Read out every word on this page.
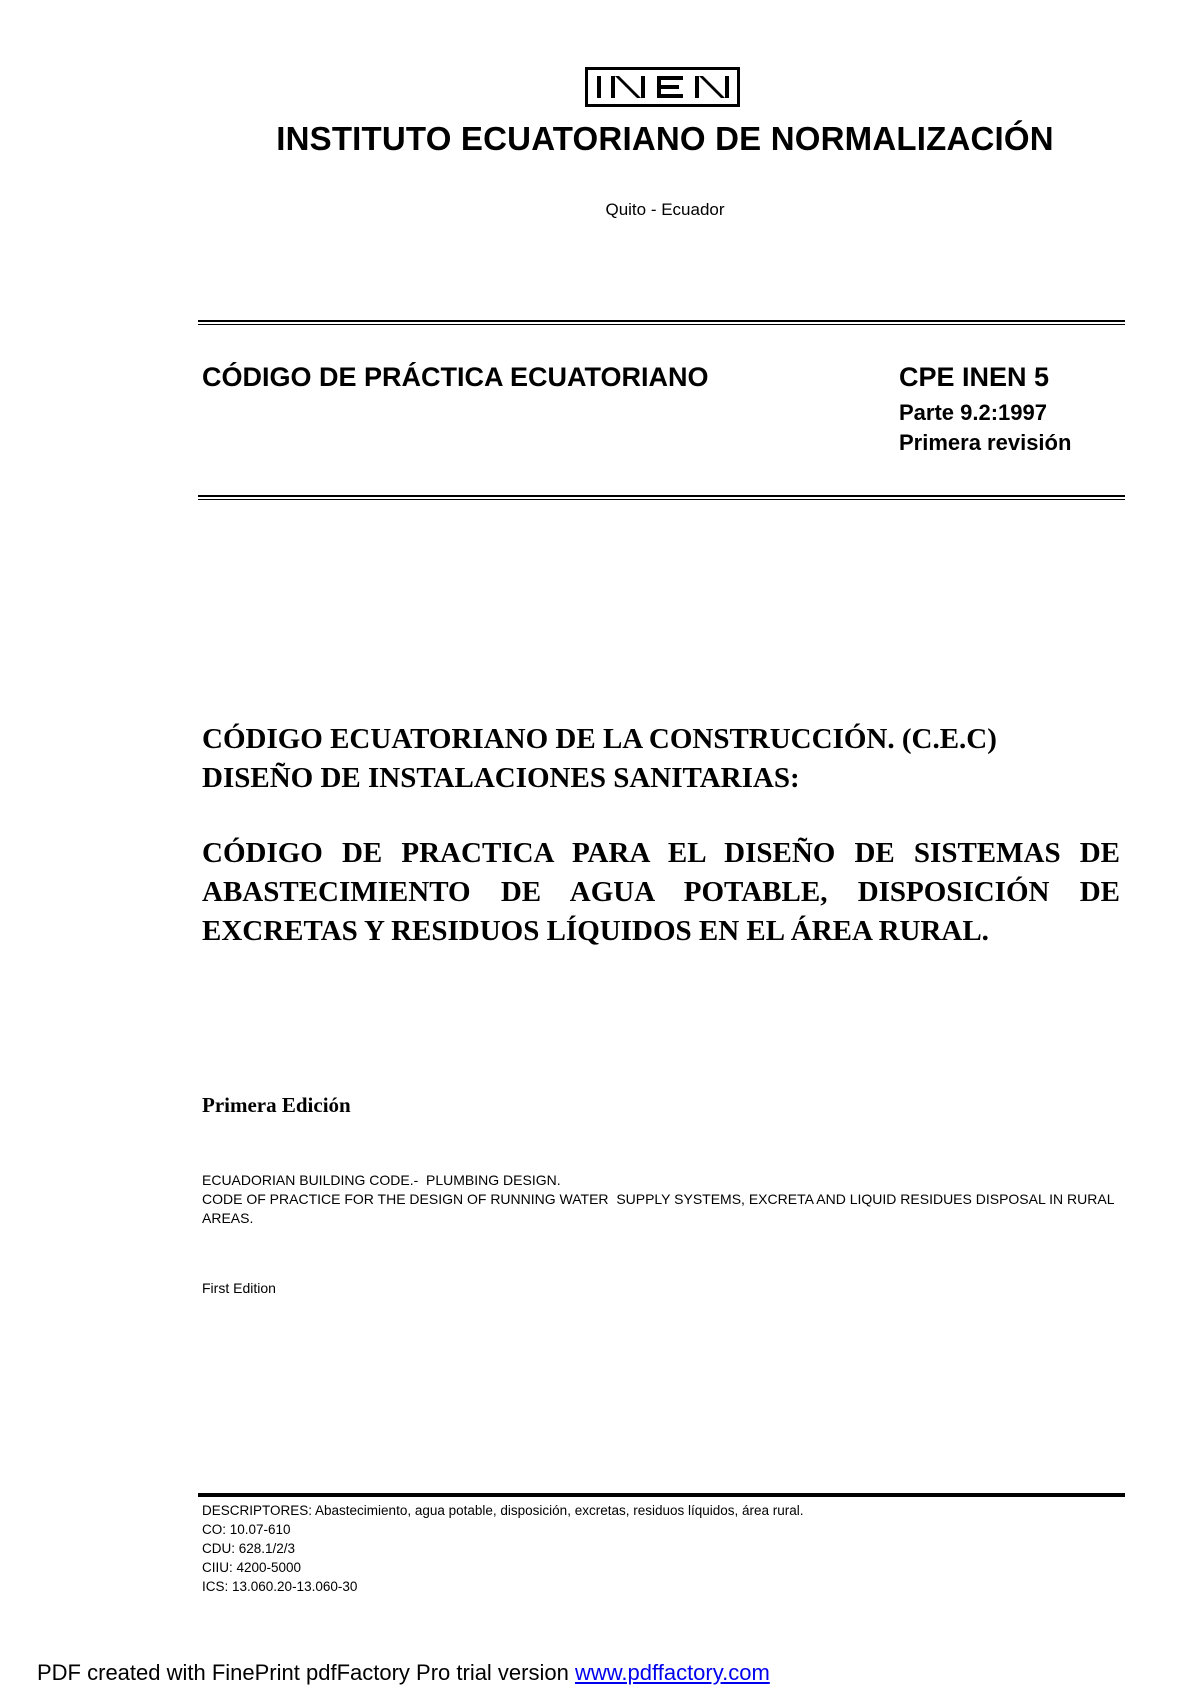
INSTITUTO ECUATORIANO DE NORMALIZACIÓN
Quito - Ecuador
CÓDIGO DE PRÁCTICA ECUATORIANO	CPE INEN 5
Parte 9.2:1997
Primera revisión
CÓDIGO ECUATORIANO DE LA CONSTRUCCIÓN. (C.E.C)
DISEÑO DE INSTALACIONES SANITARIAS:
CÓDIGO DE PRACTICA PARA EL DISEÑO DE SISTEMAS DE ABASTECIMIENTO DE AGUA POTABLE, DISPOSICIÓN DE EXCRETAS Y RESIDUOS LÍQUIDOS EN EL ÁREA RURAL.
Primera Edición
ECUADORIAN BUILDING CODE.-  PLUMBING DESIGN.
CODE OF PRACTICE FOR THE DESIGN OF RUNNING WATER  SUPPLY SYSTEMS, EXCRETA AND LIQUID RESIDUES DISPOSAL IN RURAL AREAS.
First Edition
DESCRIPTORES: Abastecimiento, agua potable, disposición, excretas, residuos líquidos, área rural.
CO: 10.07-610
CDU: 628.1/2/3
CIIU: 4200-5000
ICS: 13.060.20-13.060-30
PDF created with FinePrint pdfFactory Pro trial version www.pdffactory.com
